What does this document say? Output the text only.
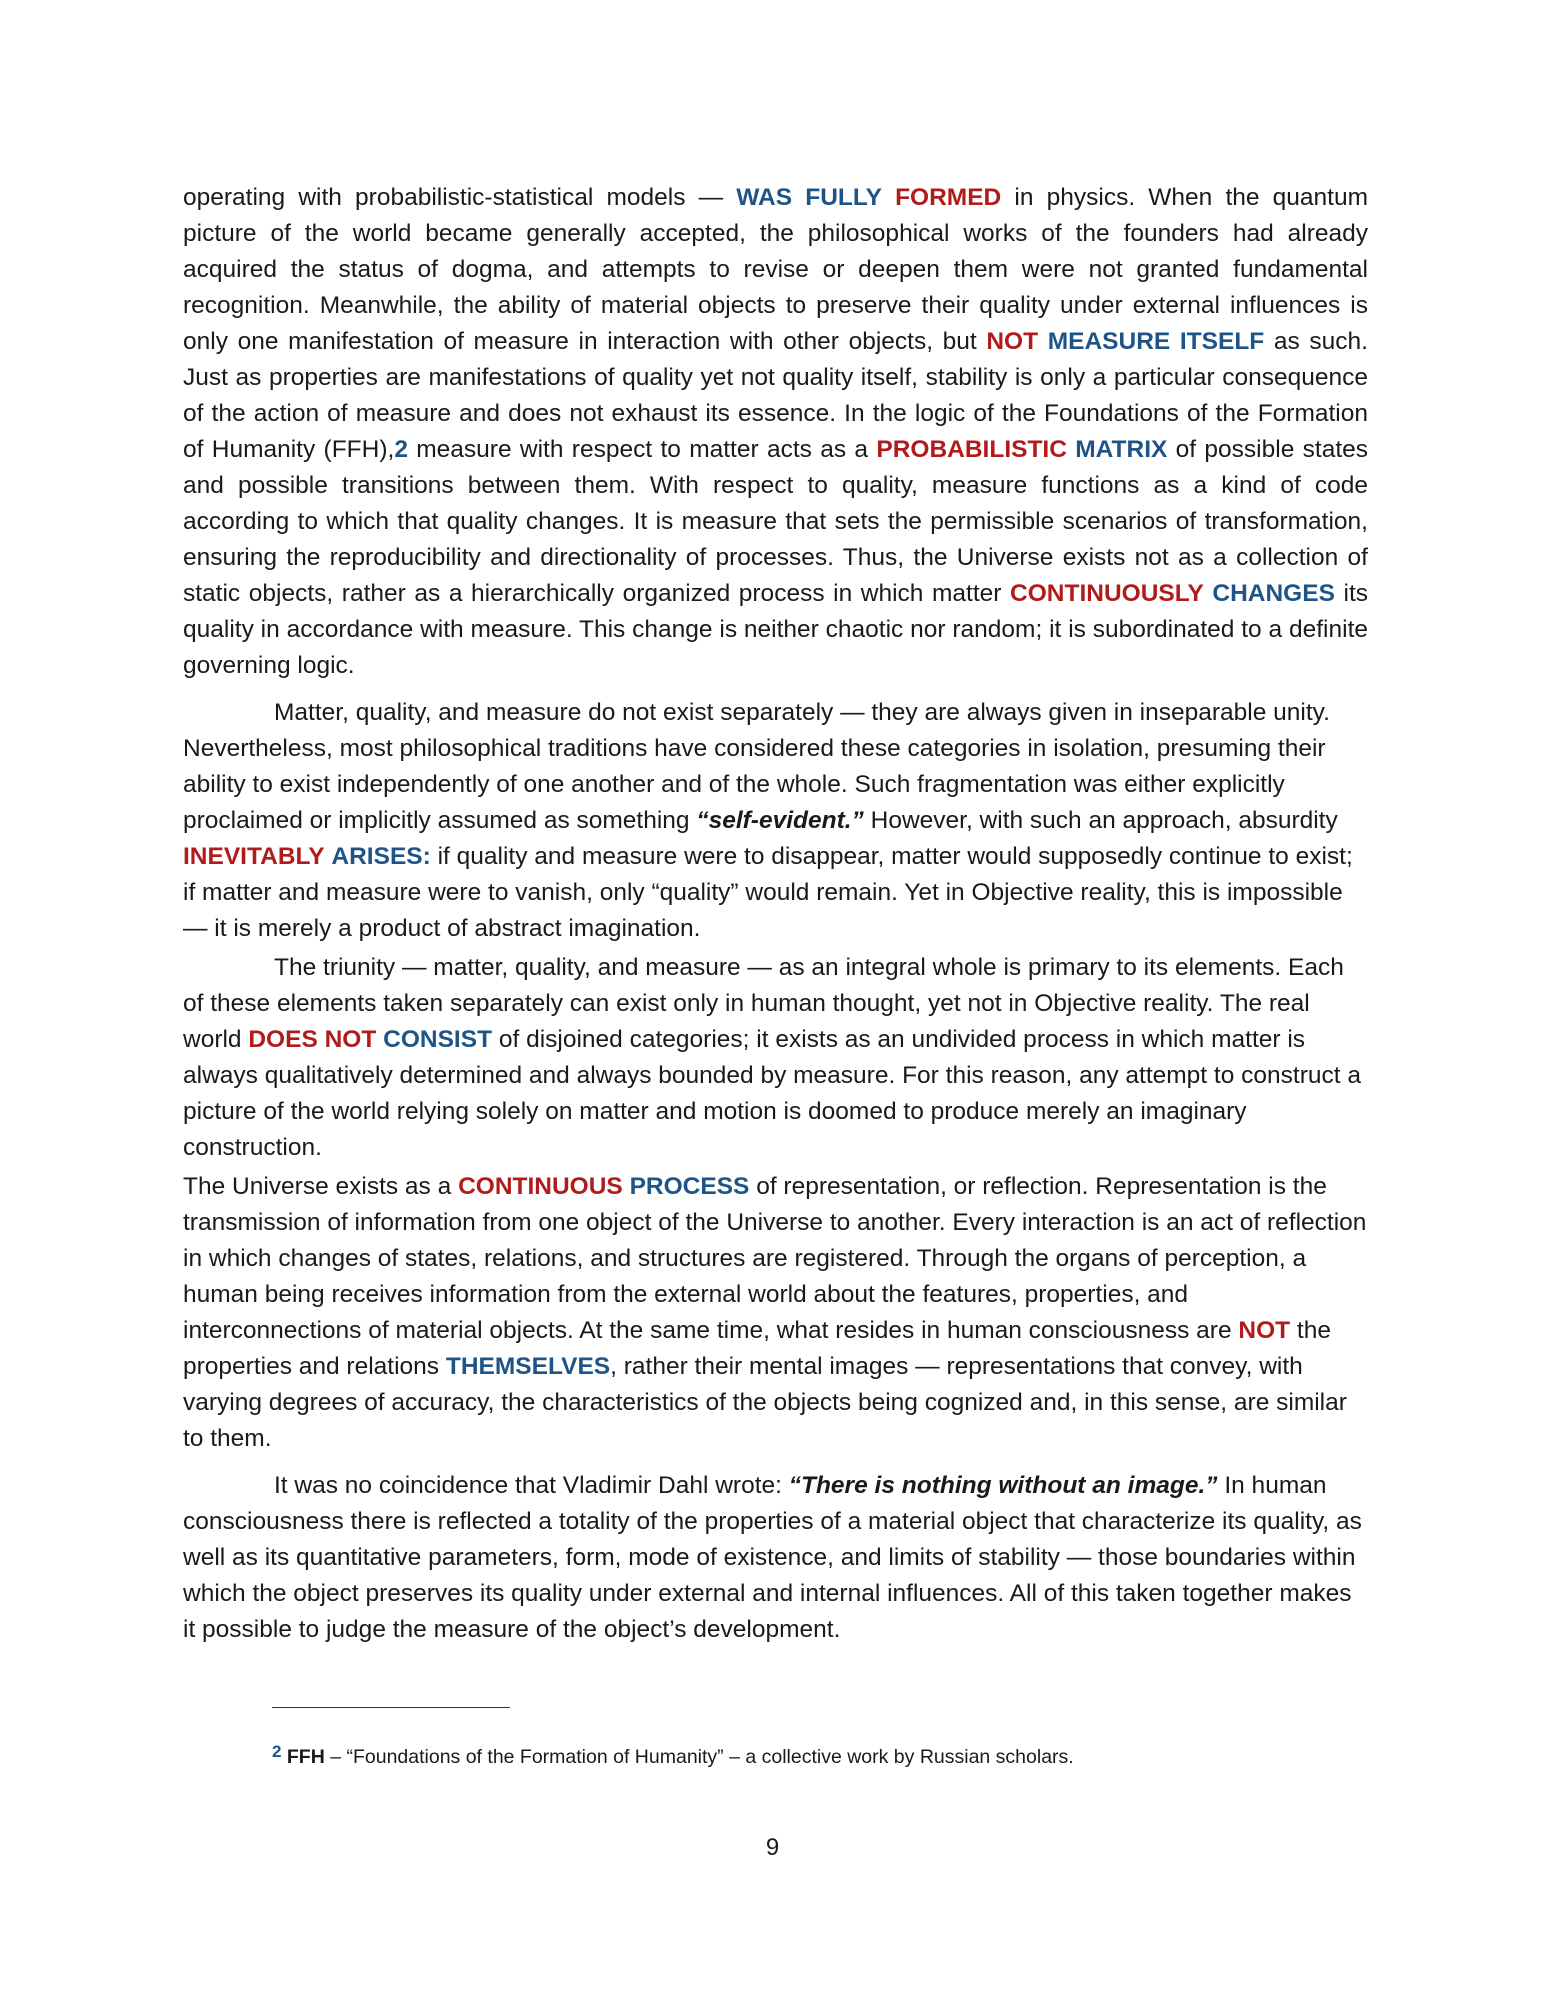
operating with probabilistic-statistical models — WAS FULLY FORMED in physics. When the quantum picture of the world became generally accepted, the philosophical works of the founders had already acquired the status of dogma, and attempts to revise or deepen them were not granted fundamental recognition. Meanwhile, the ability of material objects to preserve their quality under external influences is only one manifestation of measure in interaction with other objects, but NOT MEASURE ITSELF as such. Just as properties are manifestations of quality yet not quality itself, stability is only a particular consequence of the action of measure and does not exhaust its essence. In the logic of the Foundations of the Formation of Humanity (FFH),2 measure with respect to matter acts as a PROBABILISTIC MATRIX of possible states and possible transitions between them. With respect to quality, measure functions as a kind of code according to which that quality changes. It is measure that sets the permissible scenarios of transformation, ensuring the reproducibility and directionality of processes. Thus, the Universe exists not as a collection of static objects, rather as a hierarchically organized process in which matter CONTINUOUSLY CHANGES its quality in accordance with measure. This change is neither chaotic nor random; it is subordinated to a definite governing logic.

Matter, quality, and measure do not exist separately — they are always given in inseparable unity. Nevertheless, most philosophical traditions have considered these categories in isolation, presuming their ability to exist independently of one another and of the whole. Such fragmentation was either explicitly proclaimed or implicitly assumed as something “self-evident.” However, with such an approach, absurdity INEVITABLY ARISES: if quality and measure were to disappear, matter would supposedly continue to exist; if matter and measure were to vanish, only “quality” would remain. Yet in Objective reality, this is impossible — it is merely a product of abstract imagination.

The triunity — matter, quality, and measure — as an integral whole is primary to its elements. Each of these elements taken separately can exist only in human thought, yet not in Objective reality. The real world DOES NOT CONSIST of disjoined categories; it exists as an undivided process in which matter is always qualitatively determined and always bounded by measure. For this reason, any attempt to construct a picture of the world relying solely on matter and motion is doomed to produce merely an imaginary construction.

The Universe exists as a CONTINUOUS PROCESS of representation, or reflection. Representation is the transmission of information from one object of the Universe to another. Every interaction is an act of reflection in which changes of states, relations, and structures are registered. Through the organs of perception, a human being receives information from the external world about the features, properties, and interconnections of material objects. At the same time, what resides in human consciousness are NOT the properties and relations THEMSELVES, rather their mental images — representations that convey, with varying degrees of accuracy, the characteristics of the objects being cognized and, in this sense, are similar to them.

It was no coincidence that Vladimir Dahl wrote: “There is nothing without an image.” In human consciousness there is reflected a totality of the properties of a material object that characterize its quality, as well as its quantitative parameters, form, mode of existence, and limits of stability — those boundaries within which the object preserves its quality under external and internal influences. All of this taken together makes it possible to judge the measure of the object’s development.

$^2$ FFH – “Foundations of the Formation of Humanity” – a collective work by Russian scholars.
9
